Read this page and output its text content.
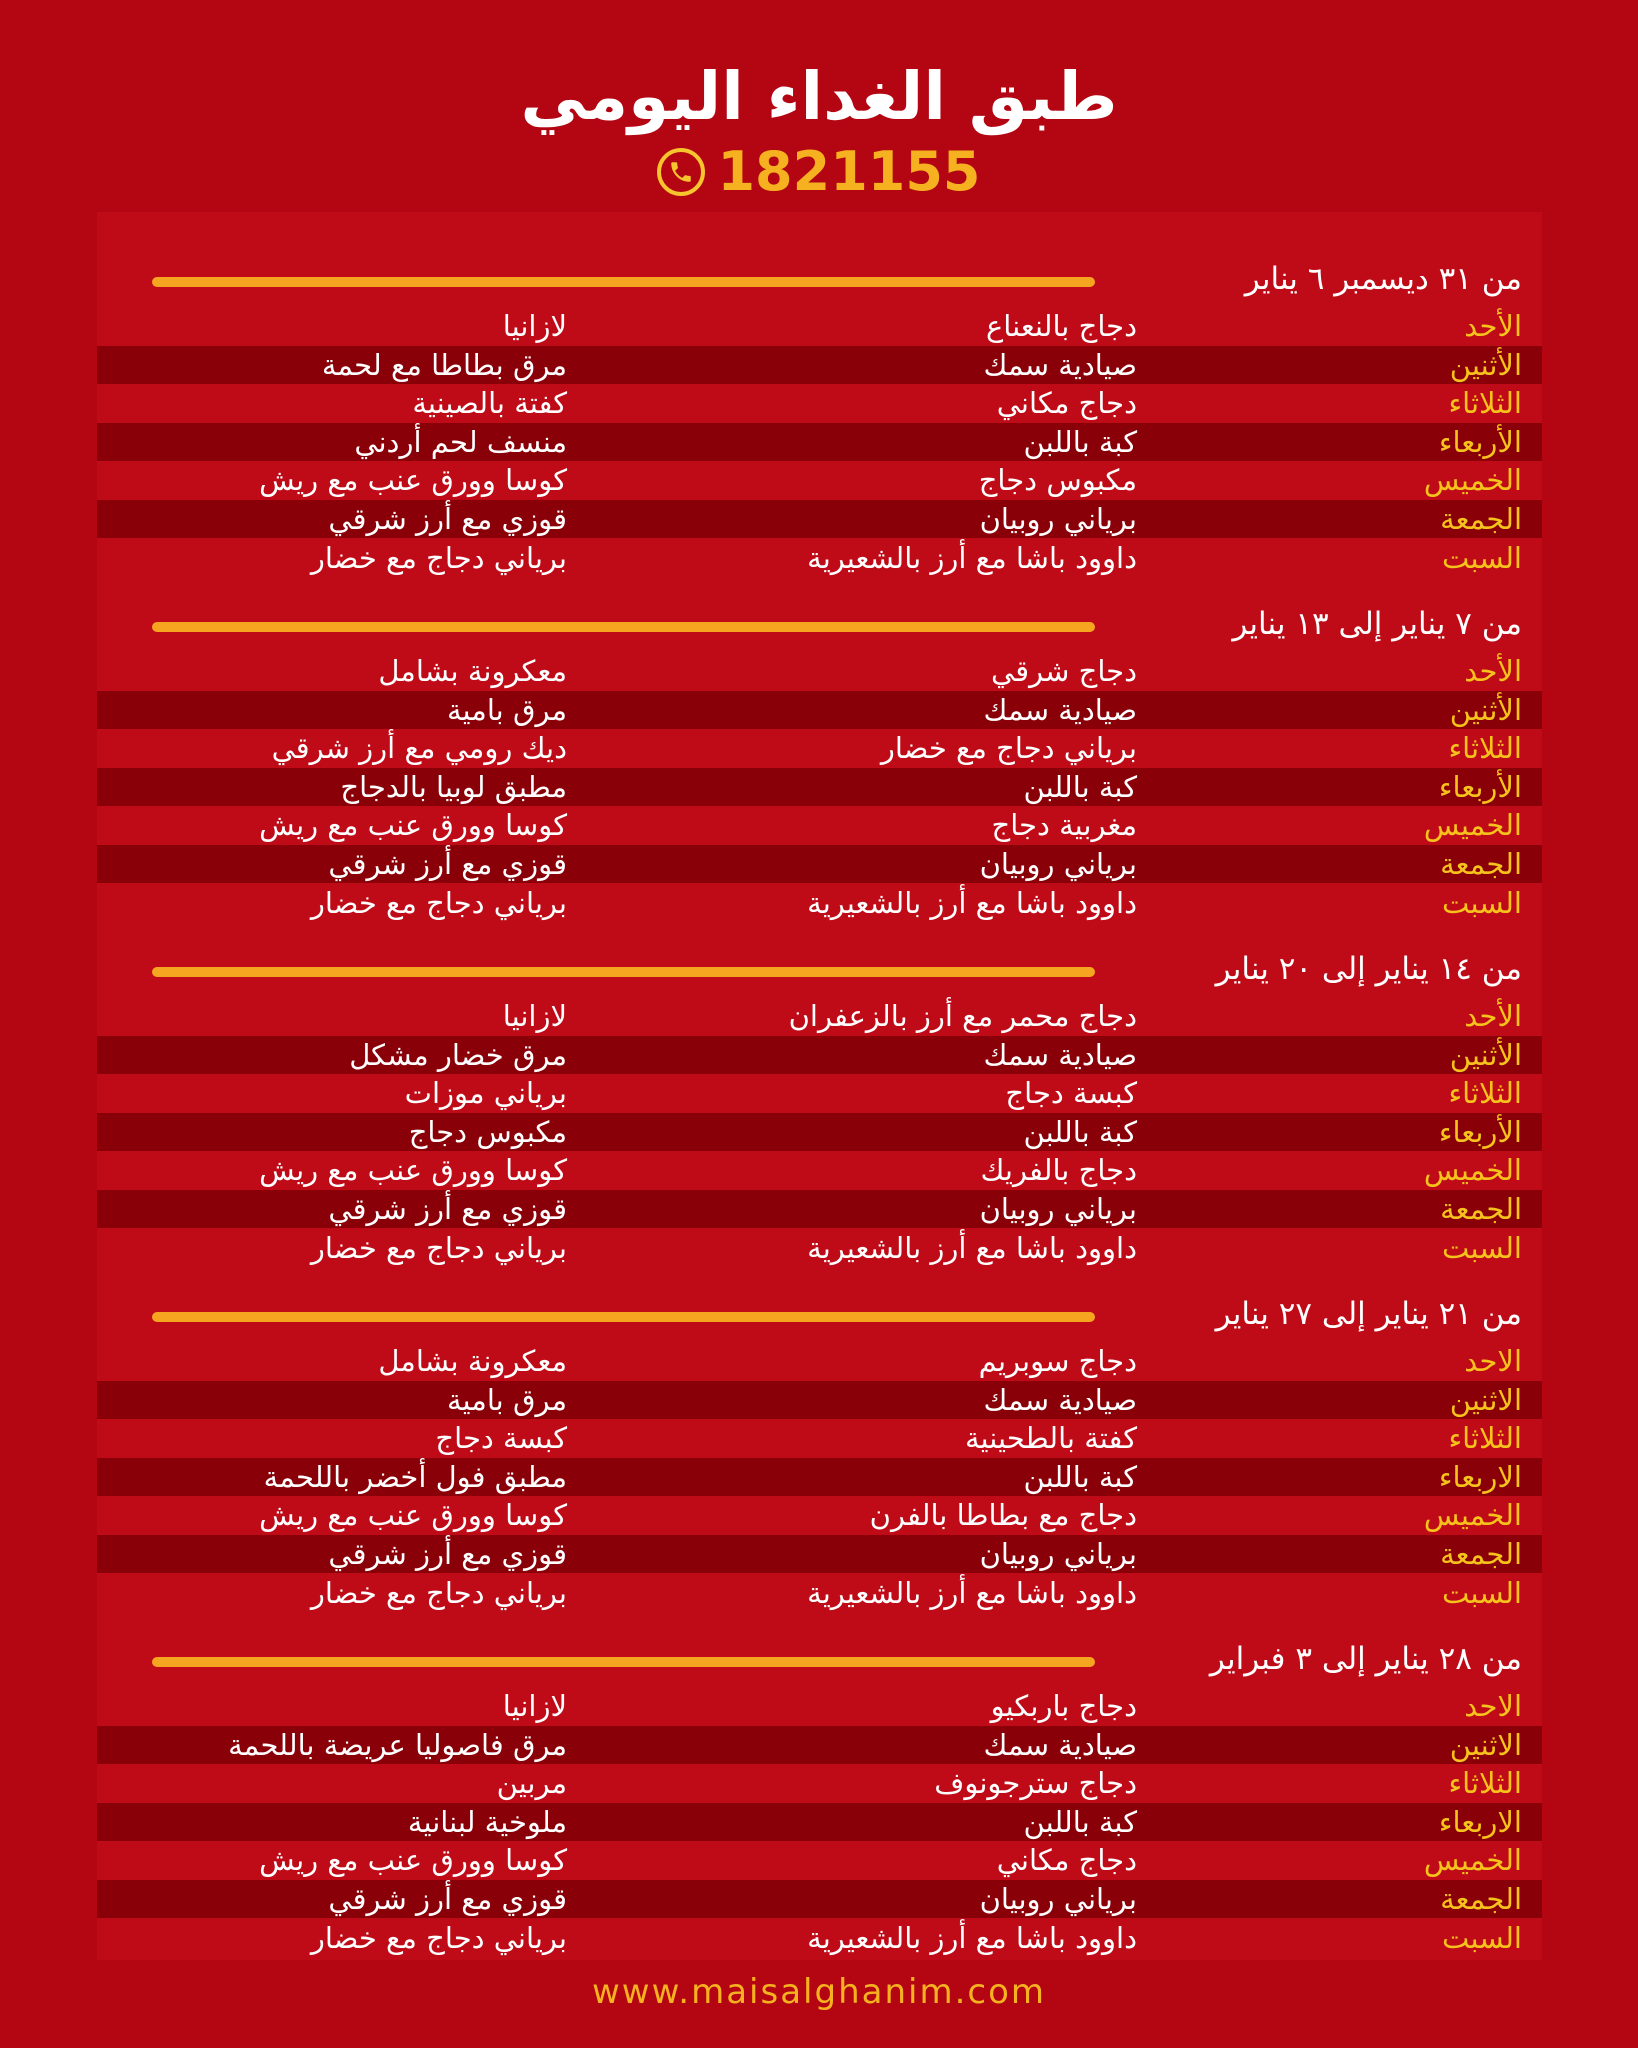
طبق الغداء اليومي
1821155
من ٣١ ديسمبر ٦ يناير
الأحد
دجاج بالنعناع
لازانيا
الأثنين
صيادية سمك
مرق بطاطا مع لحمة
الثلاثاء
دجاج مكاني
كفتة بالصينية
الأربعاء
كبة باللبن
منسف لحم أردني
الخميس
مكبوس دجاج
كوسا وورق عنب مع ريش
الجمعة
برياني روبيان
قوزي مع أرز شرقي
السبت
داوود باشا مع أرز بالشعيرية
برياني دجاج مع خضار
من ٧ يناير إلى ١٣ يناير
الأحد
دجاج شرقي
معكرونة بشامل
الأثنين
صيادية سمك
مرق بامية
الثلاثاء
برياني دجاج مع خضار
ديك رومي مع أرز شرقي
الأربعاء
كبة باللبن
مطبق لوبيا بالدجاج
الخميس
مغربية دجاج
كوسا وورق عنب مع ريش
الجمعة
برياني روبيان
قوزي مع أرز شرقي
السبت
داوود باشا مع أرز بالشعيرية
برياني دجاج مع خضار
من ١٤ يناير إلى ٢٠ يناير
الأحد
دجاج محمر مع أرز بالزعفران
لازانيا
الأثنين
صيادية سمك
مرق خضار مشكل
الثلاثاء
كبسة دجاج
برياني موزات
الأربعاء
كبة باللبن
مكبوس دجاج
الخميس
دجاج بالفريك
كوسا وورق عنب مع ريش
الجمعة
برياني روبيان
قوزي مع أرز شرقي
السبت
داوود باشا مع أرز بالشعيرية
برياني دجاج مع خضار
من ٢١ يناير إلى ٢٧ يناير
الاحد
دجاج سوبريم
معكرونة بشامل
الاثنين
صيادية سمك
مرق بامية
الثلاثاء
كفتة بالطحينية
كبسة دجاج
الاربعاء
كبة باللبن
مطبق فول أخضر باللحمة
الخميس
دجاج مع بطاطا بالفرن
كوسا وورق عنب مع ريش
الجمعة
برياني روبيان
قوزي مع أرز شرقي
السبت
داوود باشا مع أرز بالشعيرية
برياني دجاج مع خضار
من ٢٨ يناير إلى ٣ فبراير
الاحد
دجاج باربكيو
لازانيا
الاثنين
صيادية سمك
مرق فاصوليا عريضة باللحمة
الثلاثاء
دجاج سترجونوف
مربين
الاربعاء
كبة باللبن
ملوخية لبنانية
الخميس
دجاج مكاني
كوسا وورق عنب مع ريش
الجمعة
برياني روبيان
قوزي مع أرز شرقي
السبت
داوود باشا مع أرز بالشعيرية
برياني دجاج مع خضار
www.maisalghanim.com
